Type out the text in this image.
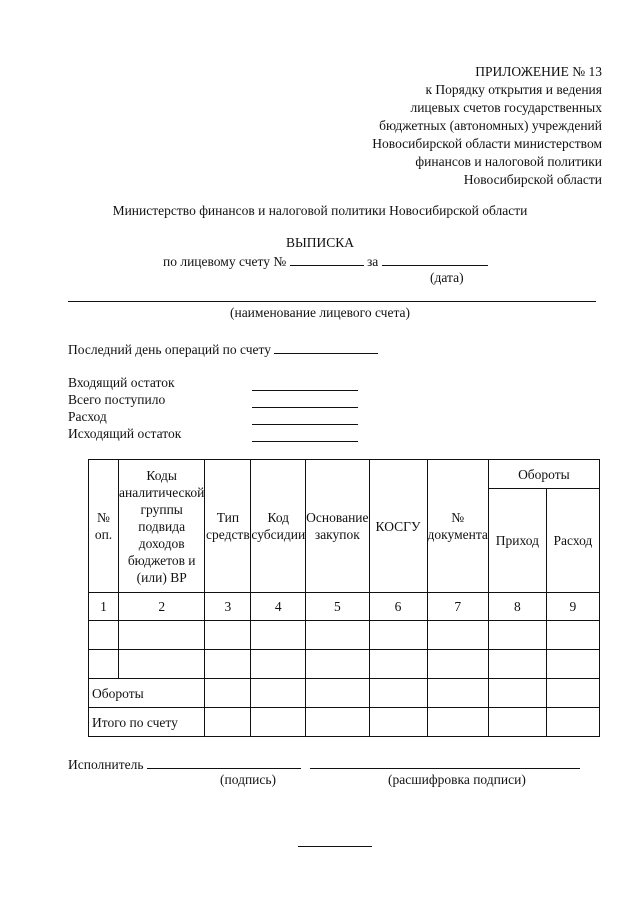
ПРИЛОЖЕНИЕ № 13
к Порядку открытия и ведения
лицевых счетов государственных
бюджетных (автономных) учреждений
Новосибирской области министерством
финансов и налоговой политики
Новосибирской области
Министерство финансов и налоговой политики Новосибирской области
ВЫПИСКА
по лицевому счету №	за
(дата)
(наименование лицевого счета)
Последний день операций по счету
Входящий остаток
Всего поступило
Расход
Исходящий остаток
№ оп.	Коды аналитической группы подвида доходов бюджетов и (или) ВР	Тип средств	Код субсидии	Основание закупок	КОСГУ	№ документа	Обороты	
							Приход	Расход
1	2	3	4	5	6	7	8	9

Обороты								
Итого по счету								
Исполнитель
(подпись)	(расшифровка подписи)
